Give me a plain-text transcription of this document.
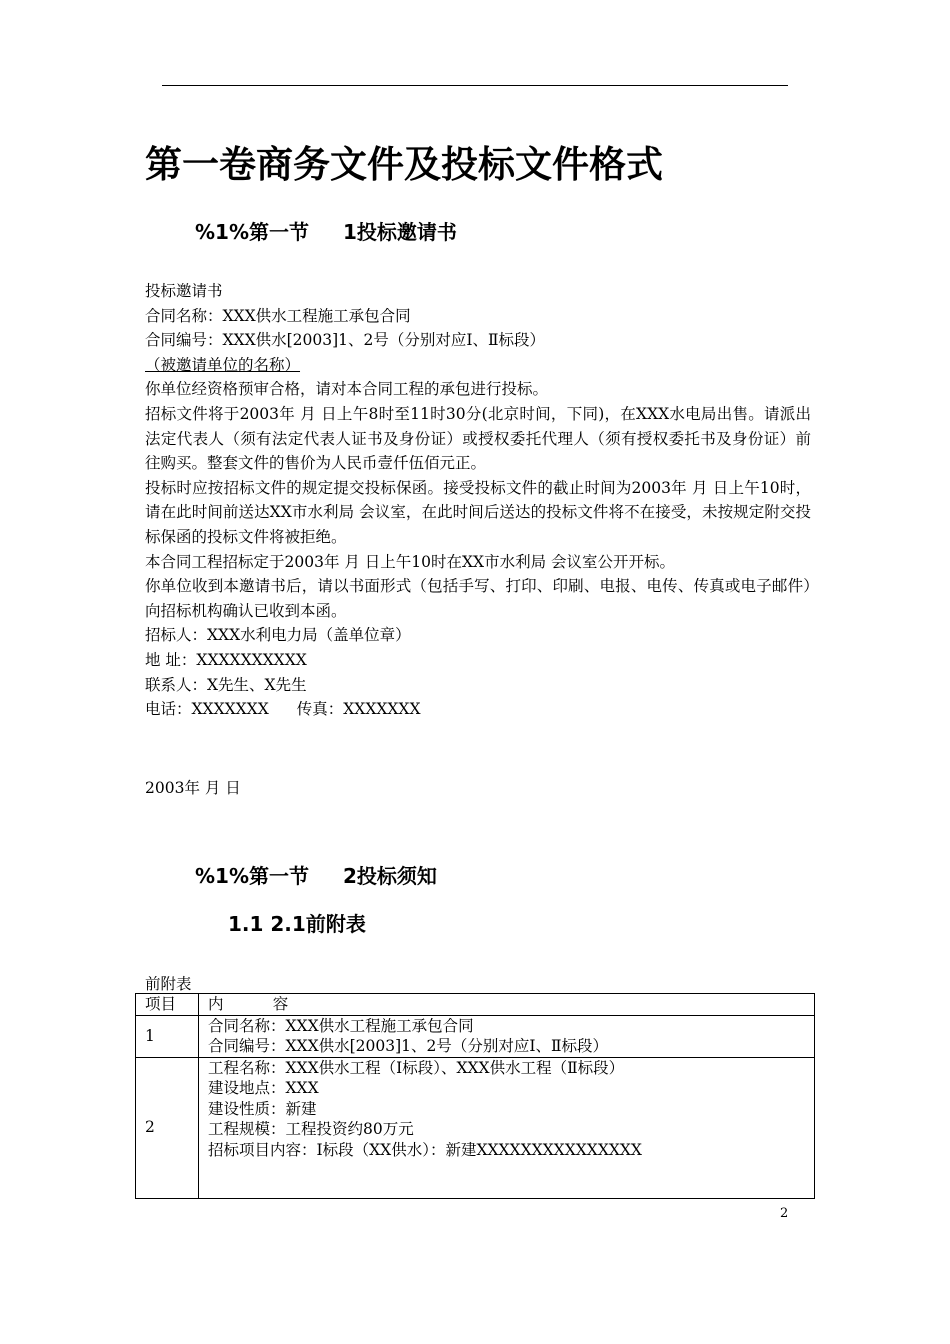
第一卷商务文件及投标文件格式
%1%第一节 1投标邀请书

投标邀请书

合同名称：XXX供水工程施工承包合同

合同编号：XXX供水[2003]1、2号（分别对应Ⅰ、Ⅱ标段）

（被邀请单位的名称）

你单位经资格预审合格，请对本合同工程的承包进行投标。

招标文件将于2003年 月 日上午8时至11时30分(北京时间，下同)，在XXX水电局出售。请派出法定代表人（须有法定代表人证书及身份证）或授权委托代理人（须有授权委托书及身份证）前往购买。整套文件的售价为人民币壹仟伍佰元正。

投标时应按招标文件的规定提交投标保函。接受投标文件的截止时间为2003年 月 日上午10时，请在此时间前送达XX市水利局 会议室，在此时间后送达的投标文件将不在接受，未按规定附交投标保函的投标文件将被拒绝。

本合同工程招标定于2003年 月 日上午10时在XX市水利局 会议室公开开标。

你单位收到本邀请书后，请以书面形式（包括手写、打印、印刷、电报、电传、传真或电子邮件）向招标机构确认已收到本函。

招标人：XXX水利电力局（盖单位章）

地 址：XXXXXXXXXX

联系人：X先生、X先生

电话：XXXXXXX 传真：XXXXXXX

2003年 月 日
%1%第一节 2投标须知
1.1 2.1前附表
前附表
项目	内          容
1	合同名称：XXX供水工程施工承包合同
合同编号：XXX供水[2003]1、2号（分别对应Ⅰ、Ⅱ标段）

2	工程名称：XXX供水工程（Ⅰ标段）、XXX供水工程（Ⅱ标段）
建设地点：XXX
建设性质：新建
工程规模：工程投资约80万元
招标项目内容：Ⅰ标段（XX供水）：新建XXXXXXXXXXXXXXX
2
